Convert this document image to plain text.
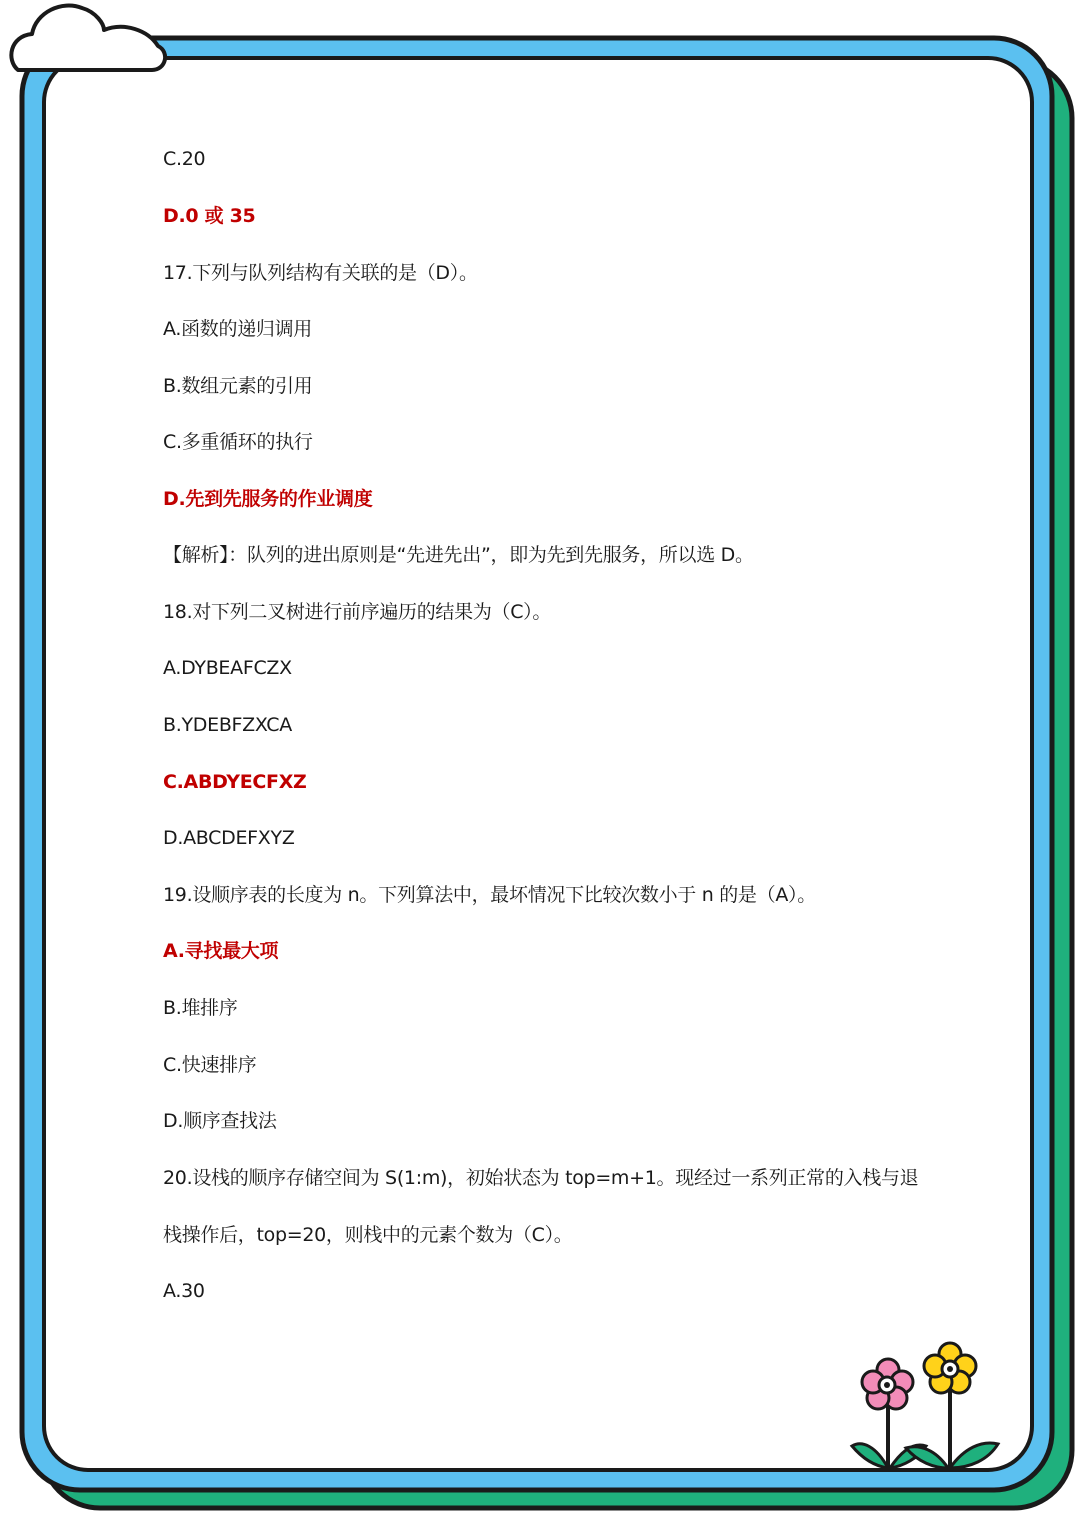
C.20
D.0 或 35
17.下列与队列结构有关联的是（D）。
A.函数的递归调用
B.数组元素的引用
C.多重循环的执行
D.先到先服务的作业调度
【解析】：队列的进出原则是“先进先出”，即为先到先服务，所以选 D。
18.对下列二叉树进行前序遍历的结果为（C）。
A.DYBEAFCZX
B.YDEBFZXCA
C.ABDYECFXZ
D.ABCDEFXYZ
19.设顺序表的长度为 n。下列算法中，最坏情况下比较次数小于 n 的是（A）。
A.寻找最大项
B.堆排序
C.快速排序
D.顺序查找法
20.设栈的顺序存储空间为 S(1:m)，初始状态为 top=m+1。现经过一系列正常的入栈与退
栈操作后，top=20，则栈中的元素个数为（C）。
A.30
